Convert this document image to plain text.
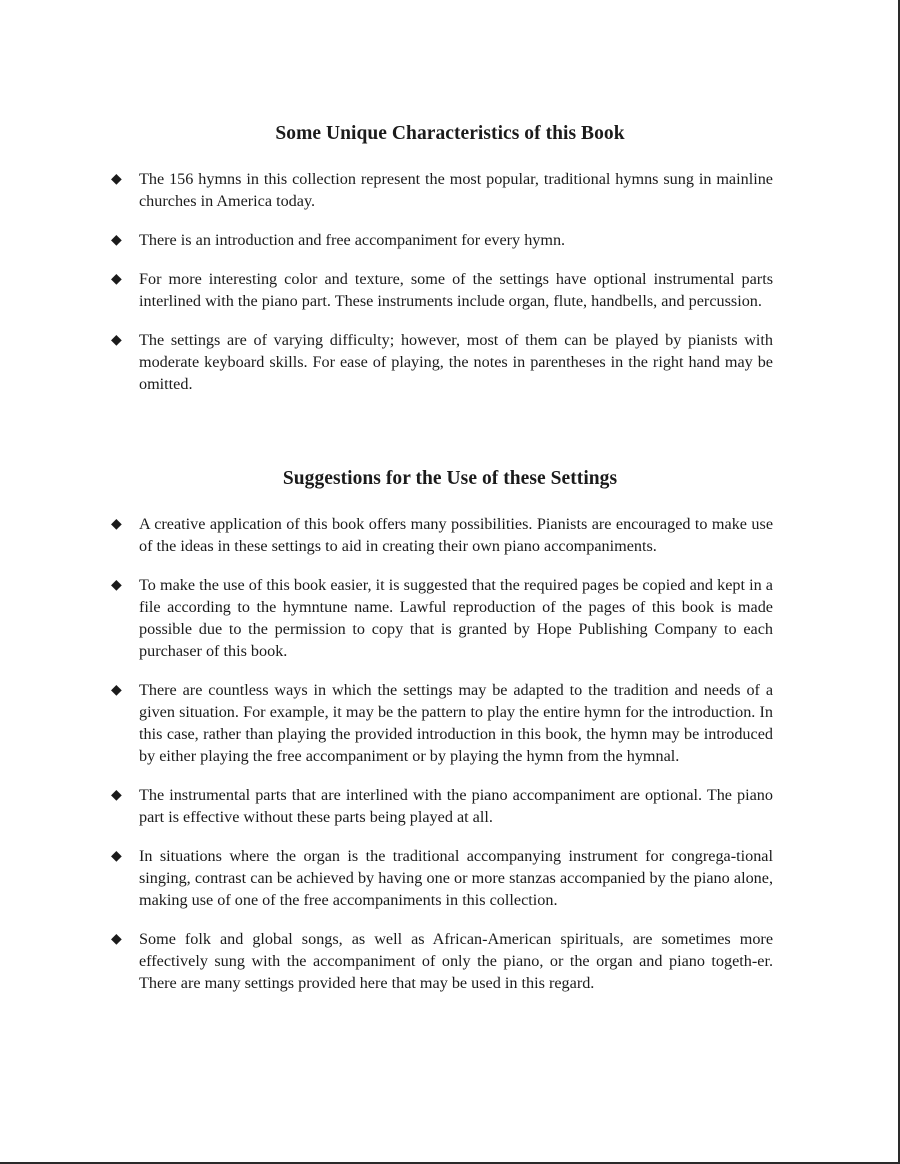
Some Unique Characteristics of this Book
◆ The 156 hymns in this collection represent the most popular, traditional hymns sung in mainline churches in America today.
◆ There is an introduction and free accompaniment for every hymn.
◆ For more interesting color and texture, some of the settings have optional instrumental parts interlined with the piano part. These instruments include organ, flute, handbells, and percussion.
◆ The settings are of varying difficulty; however, most of them can be played by pianists with moderate keyboard skills. For ease of playing, the notes in parentheses in the right hand may be omitted.
Suggestions for the Use of these Settings
◆ A creative application of this book offers many possibilities. Pianists are encouraged to make use of the ideas in these settings to aid in creating their own piano accompaniments.
◆ To make the use of this book easier, it is suggested that the required pages be copied and kept in a file according to the hymntune name. Lawful reproduction of the pages of this book is made possible due to the permission to copy that is granted by Hope Publishing Company to each purchaser of this book.
◆ There are countless ways in which the settings may be adapted to the tradition and needs of a given situation. For example, it may be the pattern to play the entire hymn for the introduction. In this case, rather than playing the provided introduction in this book, the hymn may be introduced by either playing the free accompaniment or by playing the hymn from the hymnal.
◆ The instrumental parts that are interlined with the piano accompaniment are optional. The piano part is effective without these parts being played at all.
◆ In situations where the organ is the traditional accompanying instrument for congrega-tional singing, contrast can be achieved by having one or more stanzas accompanied by the piano alone, making use of one of the free accompaniments in this collection.
◆ Some folk and global songs, as well as African-American spirituals, are sometimes more effectively sung with the accompaniment of only the piano, or the organ and piano togeth-er. There are many settings provided here that may be used in this regard.
